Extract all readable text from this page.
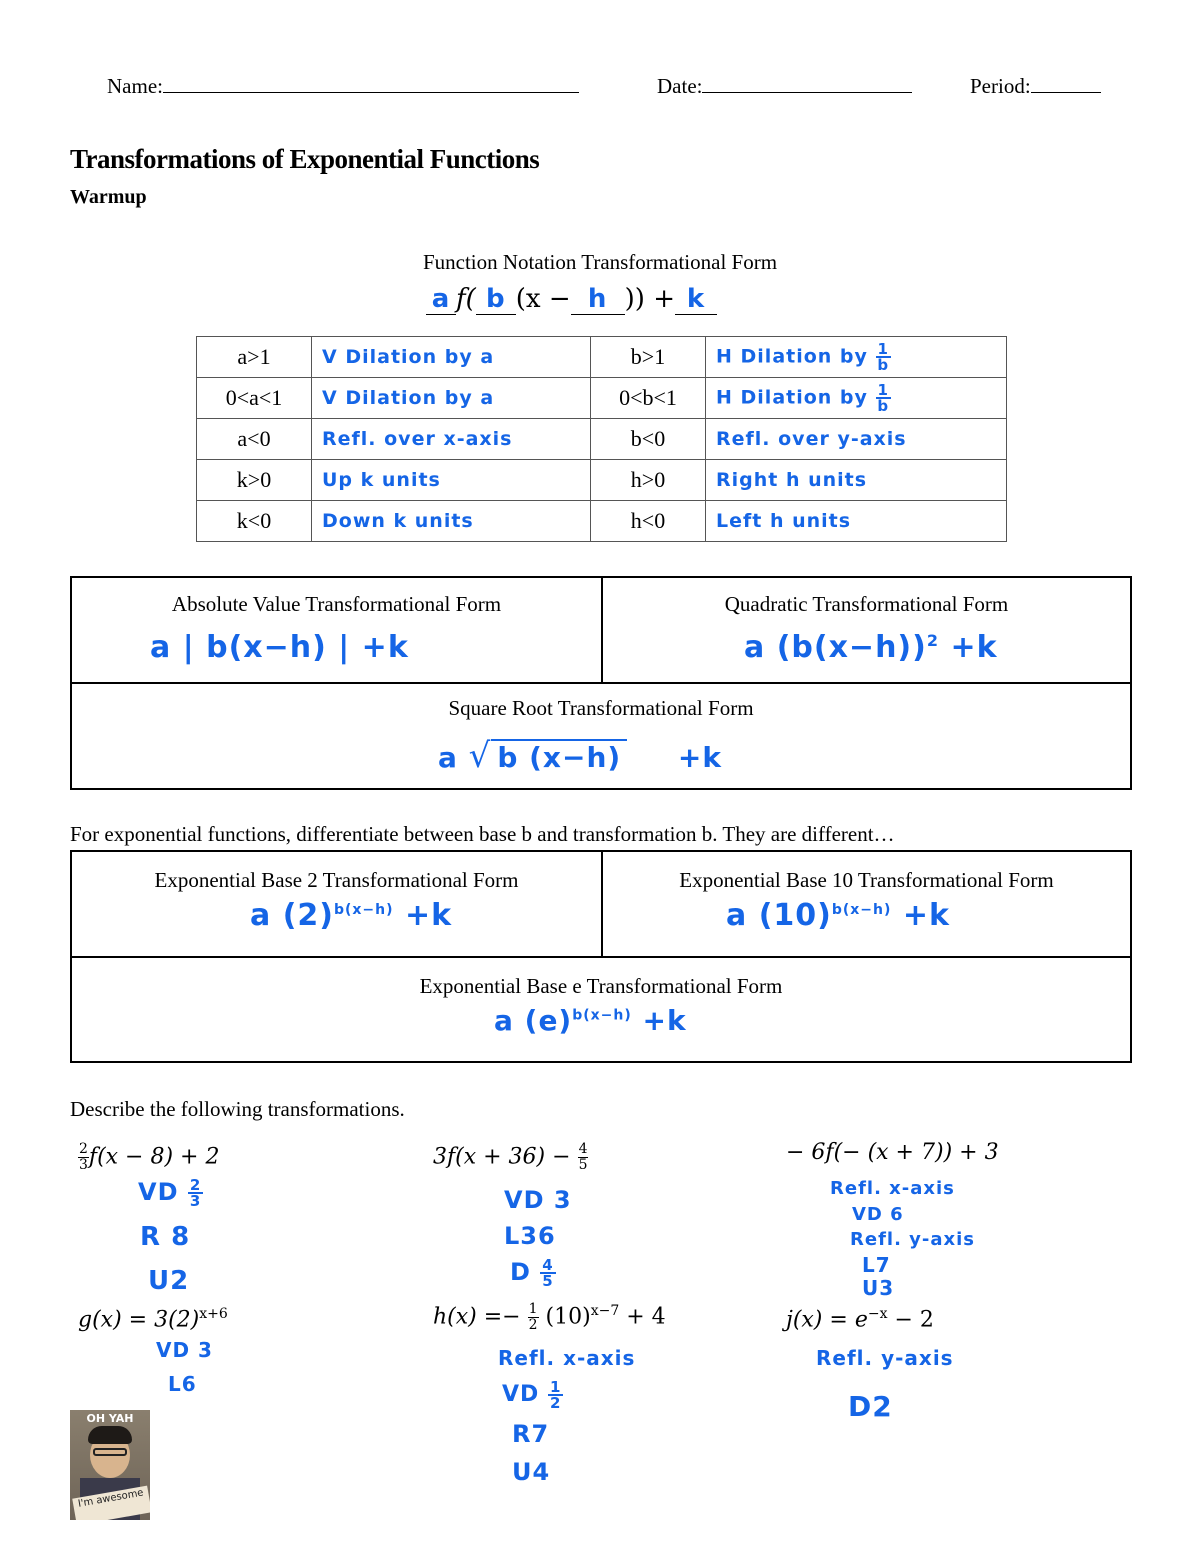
Name:	Date:	Period:
Transformations of Exponential Functions
Warmup
Function Notation Transformational Form
a f( b (x − h )) + k
a>1	V Dilation by a	b>1	H Dilation by $\frac{1}{b}$

0<a<1	V Dilation by a	0<b<1	H Dilation by $\frac{1}{b}$

a<0	Refl. over x-axis	b<0	Refl. over y-axis
k>0	Up k units	h>0	Right h units
k<0	Down k units	h<0	Left h units
Absolute Value Transformational Form
a | b(x−h) | +k
Quadratic Transformational Form
a $(b(x-h))^2 +k$
Square Root Transformational Form
a √ b (x−h) +k
For exponential functions, differentiate between base b and transformation b. They are different…
Exponential Base 2 Transformational Form
a $(2)^{b(x-h)} +k$
Exponential Base 10 Transformational Form
a $(10)^{b(x-h)} +k$
Exponential Base e Transformational Form
a $(e)^{b(x-h)} +k$
Describe the following transformations.
$\frac{2}{3} f(x - 8) + 2$
VD $\frac{2}{3}$
R 8
U2
$3f(x + 36) - \frac{4}{5}$
VD 3
L36
D $\frac{4}{5}$
− 6f(− (x + 7)) + 3
Refl. x-axis
VD 6
Refl. y-axis
L7
U3
$g(x) = 3(2)^{x+6}$
VD 3
L6
$h(x) =- \frac{1}{2} (10)^{x-7} + 4$
Refl. x-axis
VD $\frac{1}{2}$
R7
U4
$j(x) = e^{-x} - 2$
Refl. y-axis
D2
OH YAH
I'm awesome
